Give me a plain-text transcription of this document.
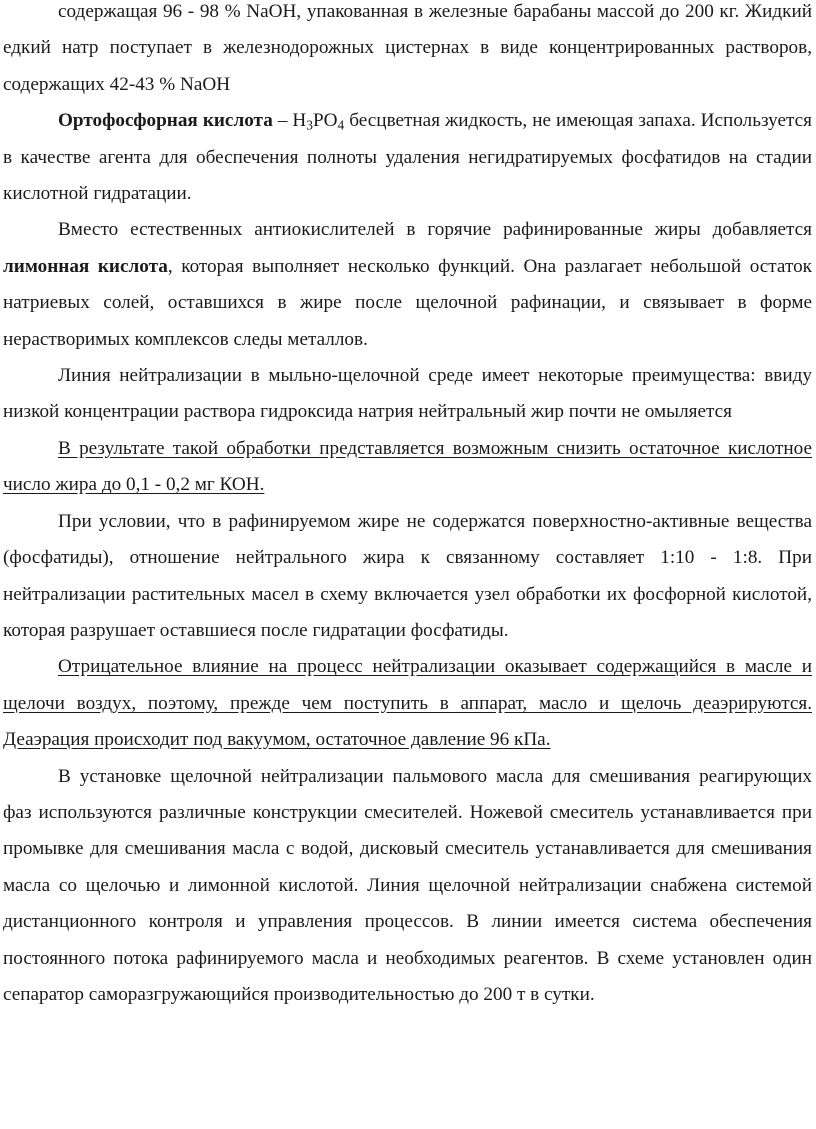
содержащая 96 - 98 % NaOH, упакованная в железные барабаны массой до 200 кг. Жидкий едкий натр поступает в железнодорожных цистернах в виде концентрированных растворов, содержащих 42-43 % NaOH

Ортофосфорная кислота – $H_3PO_4$ бесцветная жидкость, не имеющая запаха. Используется в качестве агента для обеспечения полноты удаления негидратируемых фосфатидов на стадии кислотной гидратации.

Вместо естественных антиокислителей в горячие рафинированные жиры добавляется лимонная кислота, которая выполняет несколько функций. Она разлагает небольшой остаток натриевых солей, оставшихся в жире после щелочной рафинации, и связывает в форме нерастворимых комплексов следы металлов.

Линия нейтрализации в мыльно-щелочной среде имеет некоторые преимущества: ввиду низкой концентрации раствора гидроксида натрия нейтральный жир почти не омыляется

В результате такой обработки представляется возможным снизить остаточное кислотное число жира до 0,1 - 0,2 мг КОН.

При условии, что в рафинируемом жире не содержатся поверхностно-активные вещества (фосфатиды), отношение нейтрального жира к связанному составляет 1:10 - 1:8. При нейтрализации растительных масел в схему включается узел обработки их фосфорной кислотой, которая разрушает оставшиеся после гидратации фосфатиды.

Отрицательное влияние на процесс нейтрализации оказывает содержащийся в масле и щелочи воздух, поэтому, прежде чем поступить в аппарат, масло и щелочь деаэрируются. Деаэрация происходит под вакуумом, остаточное давление 96 кПа.

В установке щелочной нейтрализации пальмового масла для смешивания реагирующих фаз используются различные конструкции смесителей. Ножевой смеситель устанавливается при промывке для смешивания масла с водой, дисковый смеситель устанавливается для смешивания масла со щелочью и лимонной кислотой. Линия щелочной нейтрализации снабжена системой дистанционного контроля и управления процессов. В линии имеется система обеспечения постоянного потока рафинируемого масла и необходимых реагентов. В схеме установлен один сепаратор саморазгружающийся производительностью до 200 т в сутки.
